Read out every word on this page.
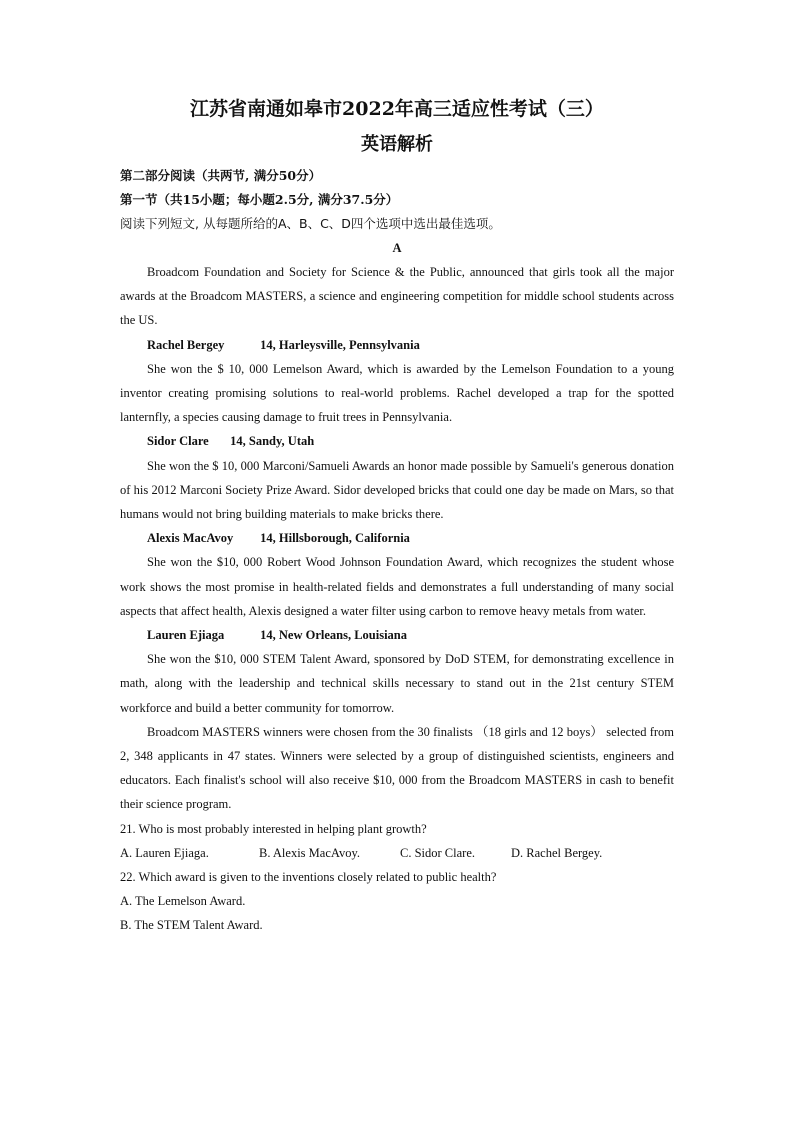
江苏省南通如皋市2022年高三适应性考试（三）
英语解析

第二部分阅读（共两节, 满分50分）

第一节（共15小题；每小题2.5分, 满分37.5分）

阅读下列短文, 从每题所给的A、B、C、D四个选项中选出最佳选项。

A

Broadcom Foundation and Society for Science & the Public, announced that girls took all the major awards at the Broadcom MASTERS, a science and engineering competition for middle school students across the US.

Rachel Bergey	14, Harleysville, Pennsylvania

She won the $ 10, 000 Lemelson Award, which is awarded by the Lemelson Foundation to a young inventor creating promising solutions to real-world problems. Rachel developed a trap for the spotted lanternfly, a species causing damage to fruit trees in Pennsylvania.

Sidor Clare 14, Sandy, Utah

She won the $ 10, 000 Marconi/Samueli Awards an honor made possible by Samueli's generous donation of his 2012 Marconi Society Prize Award. Sidor developed bricks that could one day be made on Mars, so that humans would not bring building materials to make bricks there.

Alexis MacAvoy 14, Hillsborough, California

She won the $10, 000 Robert Wood Johnson Foundation Award, which recognizes the student whose work shows the most promise in health-related fields and demonstrates a full understanding of many social aspects that affect health, Alexis designed a water filter using carbon to remove heavy metals from water.

Lauren Ejiaga	14, New Orleans, Louisiana

She won the $10, 000 STEM Talent Award, sponsored by DoD STEM, for demonstrating excellence in math, along with the leadership and technical skills necessary to stand out in the 21st century STEM workforce and build a better community for tomorrow.

Broadcom MASTERS winners were chosen from the 30 finalists （18 girls and 12 boys） selected from 2, 348 applicants in 47 states. Winners were selected by a group of distinguished scientists, engineers and educators. Each finalist's school will also receive $10, 000 from the Broadcom MASTERS in cash to benefit their science program.

21. Who is most probably interested in helping plant growth?

A. Lauren Ejiaga.	B. Alexis MacAvoy.	C. Sidor Clare.	D. Rachel Bergey.

22. Which award is given to the inventions closely related to public health?

A. The Lemelson Award.

B. The STEM Talent Award.
